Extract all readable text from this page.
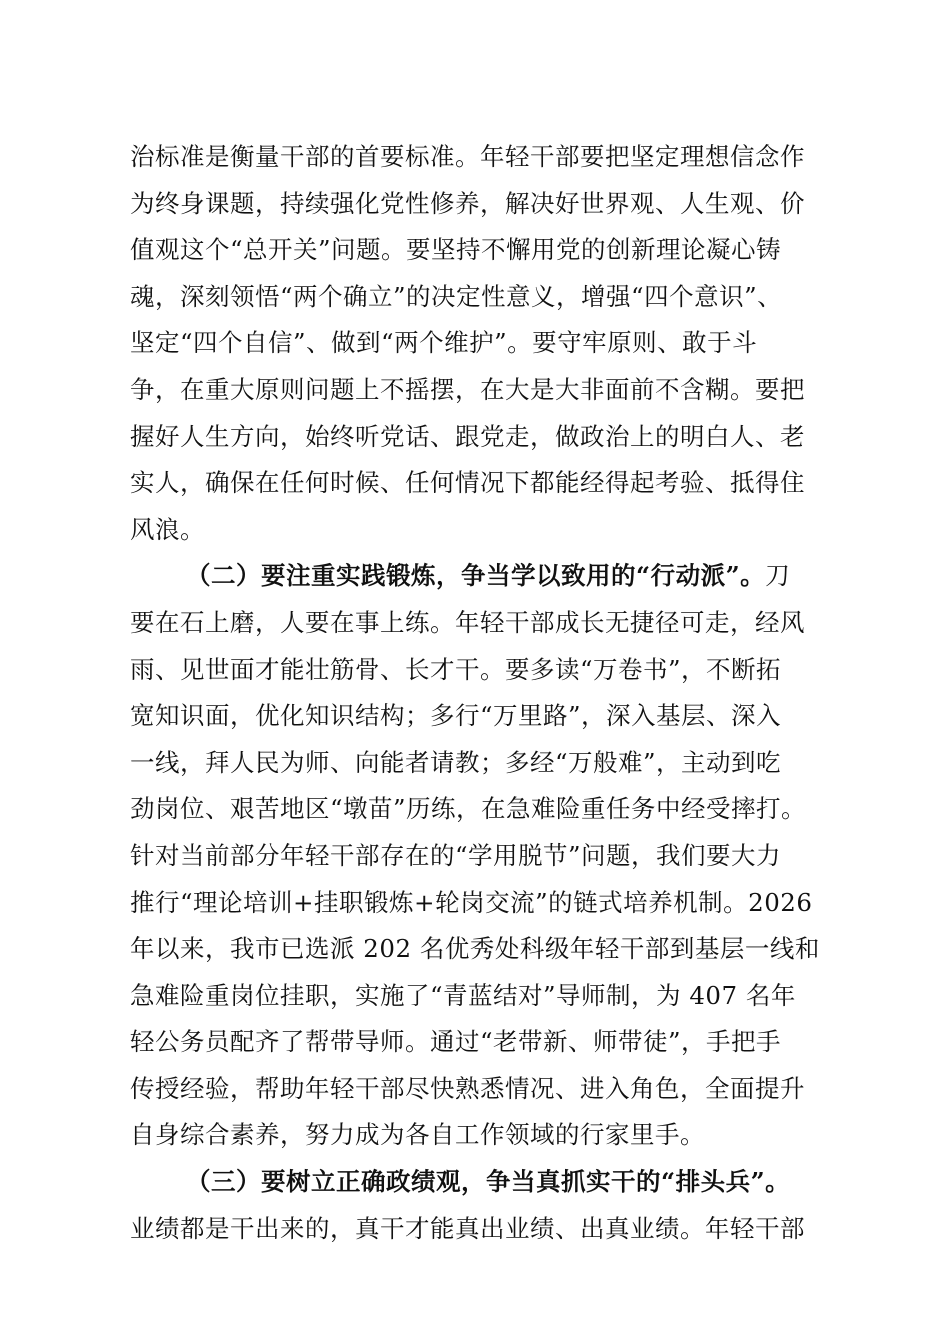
治标准是衡量干部的首要标准。年轻干部要把坚定理想信念作
为终身课题，持续强化党性修养，解决好世界观、人生观、价
值观这个“总开关”问题。要坚持不懈用党的创新理论凝心铸
魂，深刻领悟“两个确立”的决定性意义，增强“四个意识”、
坚定“四个自信”、做到“两个维护”。要守牢原则、敢于斗
争，在重大原则问题上不摇摆，在大是大非面前不含糊。要把
握好人生方向，始终听党话、跟党走，做政治上的明白人、老
实人，确保在任何时候、任何情况下都能经得起考验、抵得住
风浪。
（二）要注重实践锻炼，争当学以致用的“行动派”。刀
要在石上磨，人要在事上练。年轻干部成长无捷径可走，经风
雨、见世面才能壮筋骨、长才干。要多读“万卷书”，不断拓
宽知识面，优化知识结构；多行“万里路”，深入基层、深入
一线，拜人民为师、向能者请教；多经“万般难”，主动到吃
劲岗位、艰苦地区“墩苗”历练，在急难险重任务中经受摔打。
针对当前部分年轻干部存在的“学用脱节”问题，我们要大力
推行“理论培训+挂职锻炼+轮岗交流”的链式培养机制。2026
年以来，我市已选派 202 名优秀处科级年轻干部到基层一线和
急难险重岗位挂职，实施了“青蓝结对”导师制，为 407 名年
轻公务员配齐了帮带导师。通过“老带新、师带徒”，手把手
传授经验，帮助年轻干部尽快熟悉情况、进入角色，全面提升
自身综合素养，努力成为各自工作领域的行家里手。
（三）要树立正确政绩观，争当真抓实干的“排头兵”。
业绩都是干出来的，真干才能真出业绩、出真业绩。年轻干部
